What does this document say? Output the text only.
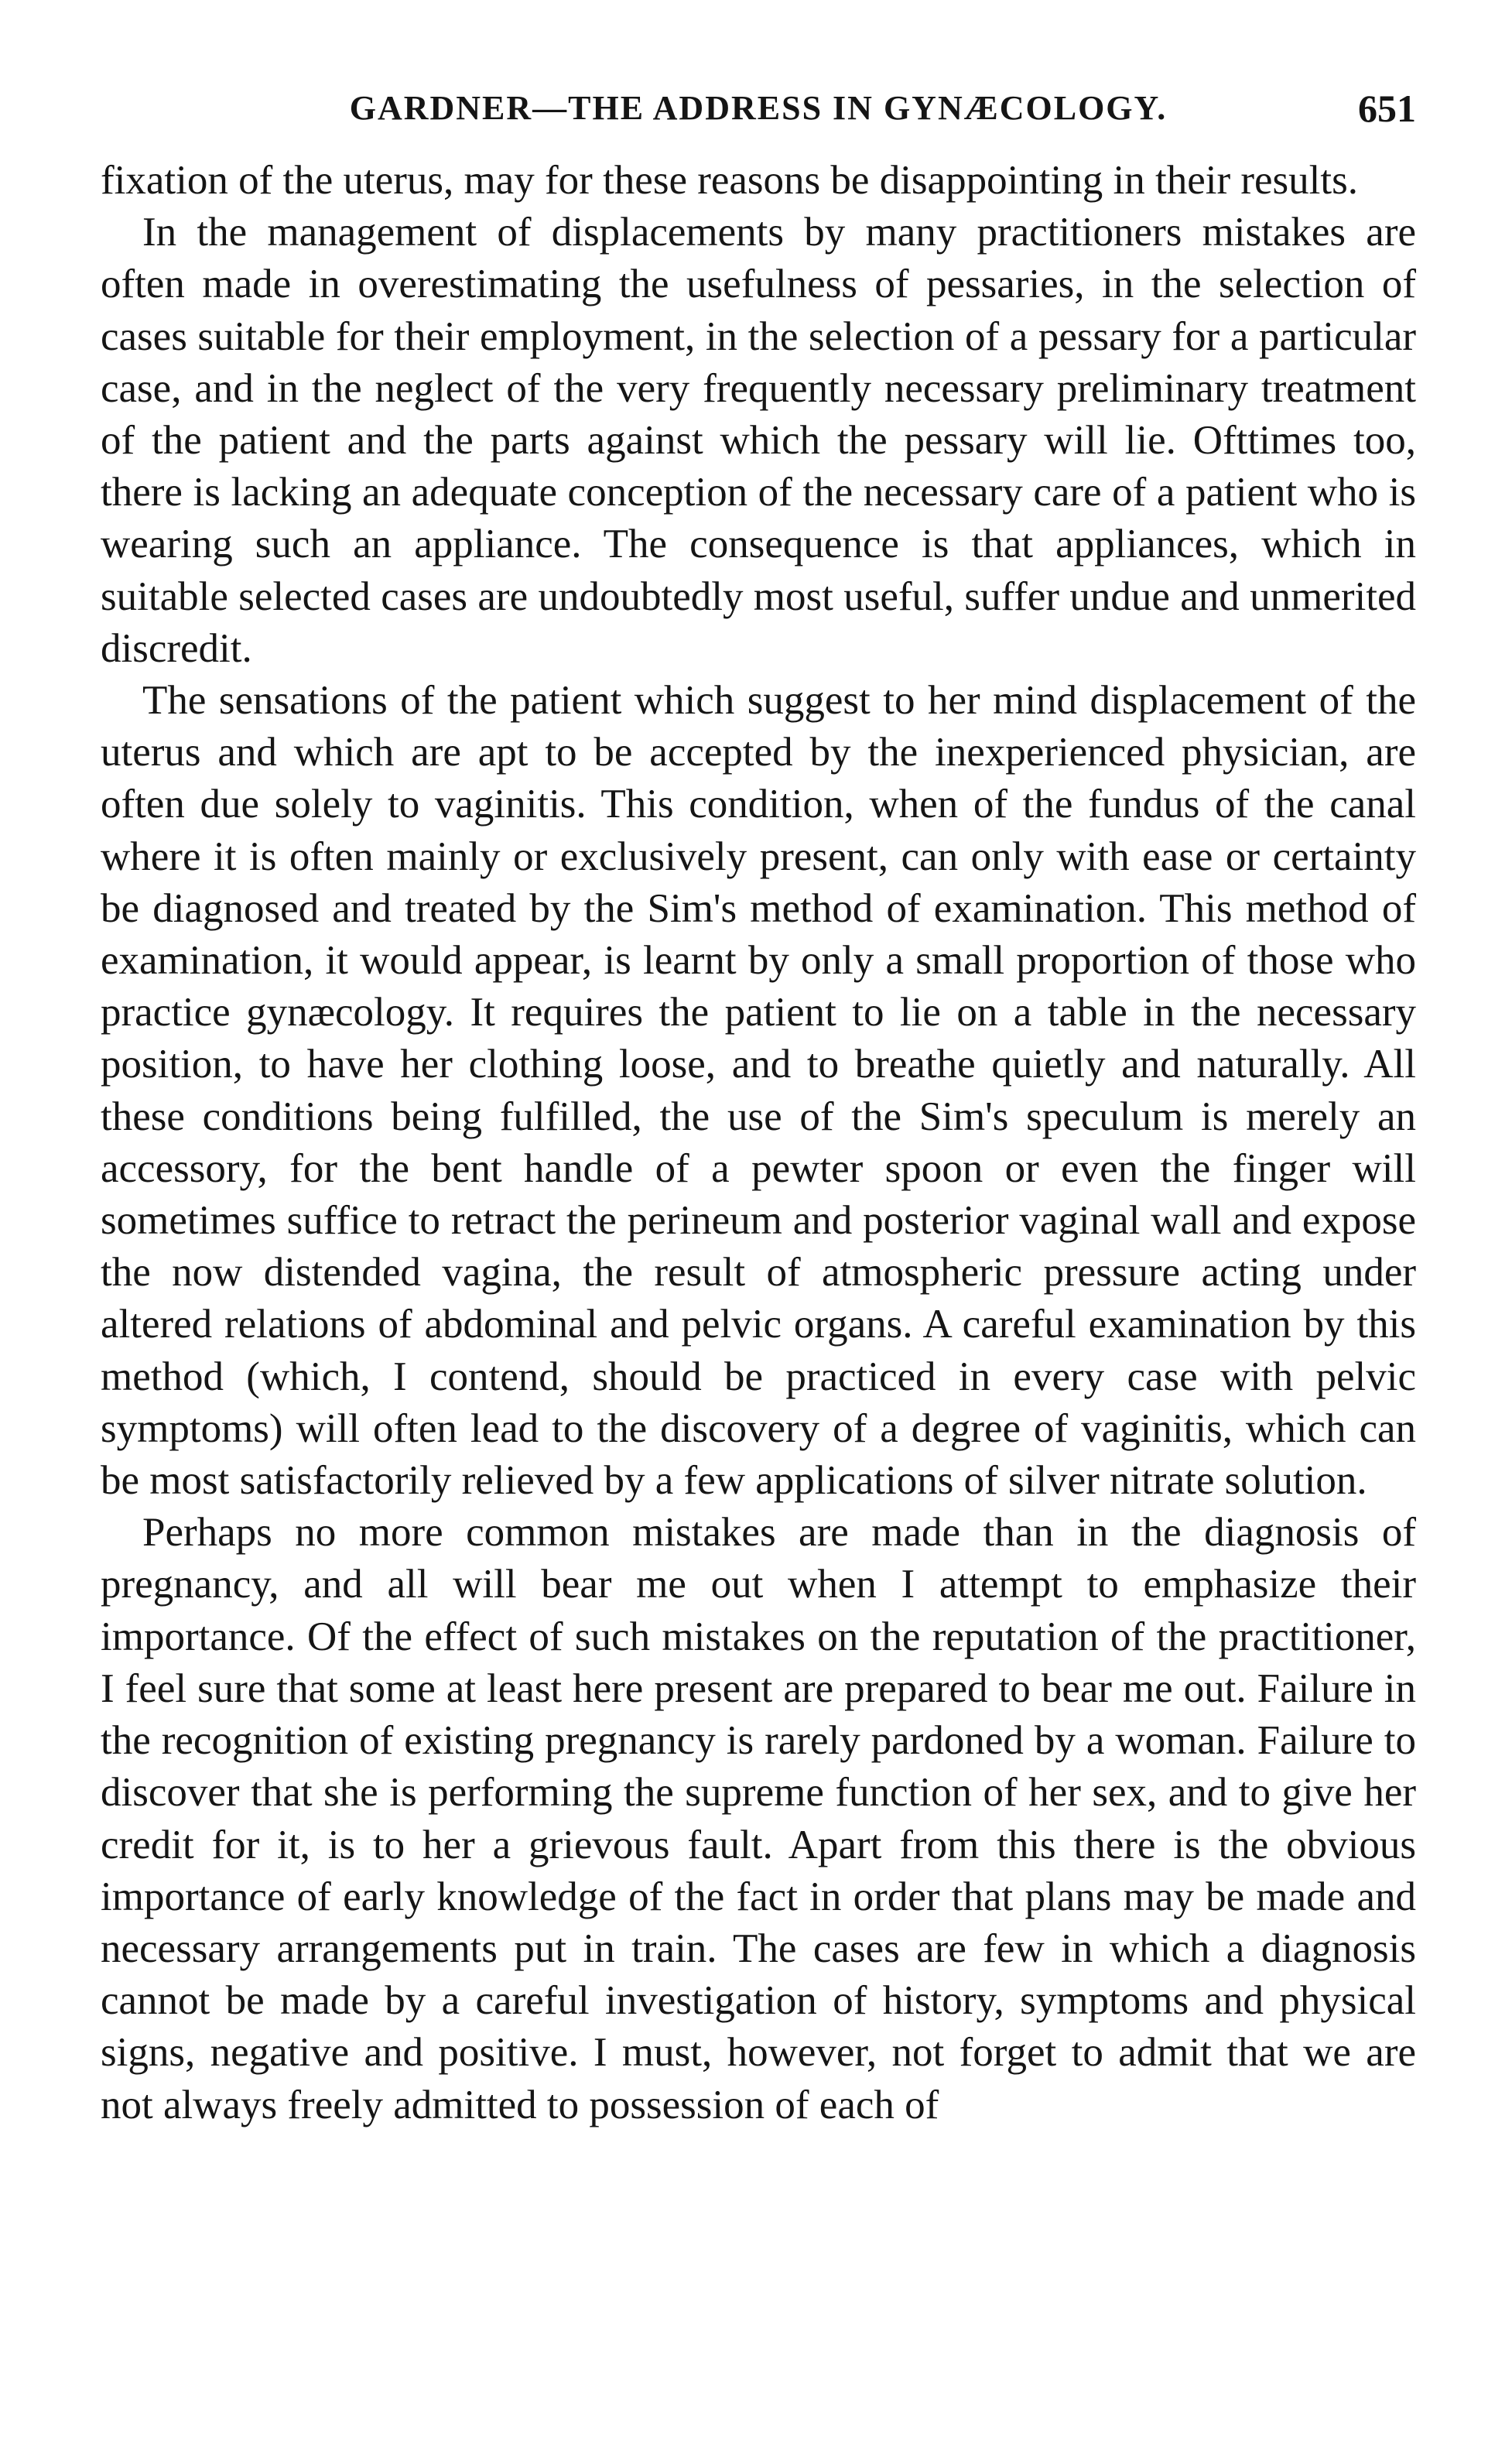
GARDNER—THE ADDRESS IN GYNÆCOLOGY.	651

fixation of the uterus, may for these reasons be disappointing in their results.

In the management of displacements by many practitioners mistakes are often made in overestimating the usefulness of pessaries, in the selection of cases suitable for their employment, in the selection of a pessary for a particular case, and in the neglect of the very frequently necessary preliminary treatment of the patient and the parts against which the pessary will lie. Ofttimes too, there is lacking an adequate conception of the necessary care of a patient who is wearing such an appliance. The consequence is that appliances, which in suitable selected cases are undoubtedly most useful, suffer undue and unmerited discredit.

The sensations of the patient which suggest to her mind displacement of the uterus and which are apt to be accepted by the inexperienced physician, are often due solely to vaginitis. This condition, when of the fundus of the canal where it is often mainly or exclusively present, can only with ease or certainty be diagnosed and treated by the Sim's method of examination. This method of examination, it would appear, is learnt by only a small proportion of those who practice gynæcology. It requires the patient to lie on a table in the necessary position, to have her clothing loose, and to breathe quietly and naturally. All these conditions being fulfilled, the use of the Sim's speculum is merely an accessory, for the bent handle of a pewter spoon or even the finger will sometimes suffice to retract the perineum and posterior vaginal wall and expose the now distended vagina, the result of atmospheric pressure acting under altered relations of abdominal and pelvic organs. A careful examination by this method (which, I contend, should be practiced in every case with pelvic symptoms) will often lead to the discovery of a degree of vaginitis, which can be most satisfactorily relieved by a few applications of silver nitrate solution.

Perhaps no more common mistakes are made than in the diagnosis of pregnancy, and all will bear me out when I attempt to emphasize their importance. Of the effect of such mistakes on the reputation of the practitioner, I feel sure that some at least here present are prepared to bear me out. Failure in the recognition of existing pregnancy is rarely pardoned by a woman. Failure to discover that she is performing the supreme function of her sex, and to give her credit for it, is to her a grievous fault. Apart from this there is the obvious importance of early knowledge of the fact in order that plans may be made and necessary arrangements put in train. The cases are few in which a diagnosis cannot be made by a careful investigation of history, symptoms and physical signs, negative and positive. I must, however, not forget to admit that we are not always freely admitted to possession of each of
